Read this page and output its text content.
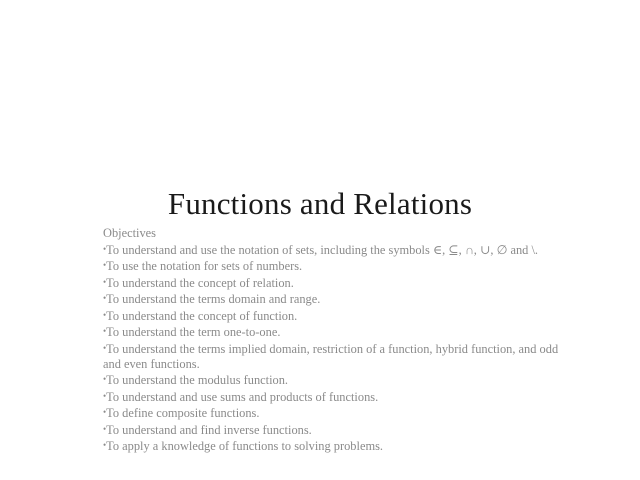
Functions and Relations
Objectives
•To understand and use the notation of sets, including the symbols ∈, ⊆, ∩, ∪, ∅ and \.
•To use the notation for sets of numbers.
•To understand the concept of relation.
•To understand the terms domain and range.
•To understand the concept of function.
•To understand the term one-to-one.
•To understand the terms implied domain, restriction of a function, hybrid function, and odd and even functions.
•To understand the modulus function.
•To understand and use sums and products of functions.
•To define composite functions.
•To understand and find inverse functions.
•To apply a knowledge of functions to solving problems.
